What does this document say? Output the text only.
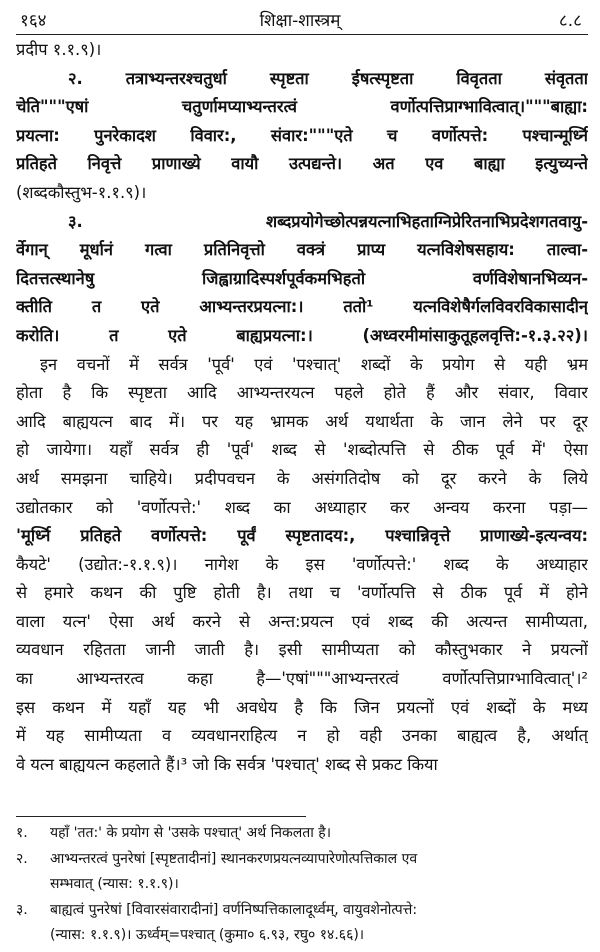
१६४	शिक्षा-शास्त्रम्	८.८
प्रदीप १.१.९)।
२. तत्राभ्यन्तरश्चतुर्धा स्पृष्टता ईषत्स्पृष्टता विवृतता संवृतता
चेति"""एषां चतुर्णामप्याभ्यन्तरत्वं वर्णोत्पत्तिप्राग्भावित्वात्।"""बाह्या:
प्रयत्ना: पुनरेकादश विवार:, संवार:"""एते च वर्णोत्पत्ते: पश्चान्मूर्ध्नि
प्रतिहते निवृत्ते प्राणाख्ये वायौ उत्पद्यन्ते। अत एव बाह्या इत्युच्यन्ते
(शब्दकौस्तुभ-१.१.९)।
३. शब्दप्रयोगेच्छोत्पन्नयत्नाभिहताग्निप्रेरितनाभिप्रदेशगतवायु-
र्वेगान् मूर्धानं गत्वा प्रतिनिवृत्तो वक्त्रं प्राप्य यत्नविशेषसहाय: ताल्वा-
दितत्तत्स्थानेषु जिह्वाग्रादिस्पर्शपूर्वकमभिहतो वर्णविशेषानभिव्यन-
क्तीति त एते आभ्यन्तरप्रयत्ना:। ततो¹ यत्नविशेषैर्गलविवरविकासादीन्
करोति। त एते बाह्यप्रयत्ना:। (अध्वरमीमांसाकुतूहलवृत्ति:-१.३.२२)।
इन वचनों में सर्वत्र 'पूर्व' एवं 'पश्चात्' शब्दों के प्रयोग से यही भ्रम
होता है कि स्पृष्टता आदि आभ्यन्तरयत्न पहले होते हैं और संवार, विवार
आदि बाह्ययत्न बाद में। पर यह भ्रामक अर्थ यथार्थता के जान लेने पर दूर
हो जायेगा। यहाँ सर्वत्र ही 'पूर्व' शब्द से 'शब्दोत्पत्ति से ठीक पूर्व में' ऐसा
अर्थ समझना चाहिये। प्रदीपवचन के असंगतिदोष को दूर करने के लिये
उद्योतकार को 'वर्णोत्पत्ते:' शब्द का अध्याहार कर अन्वय करना पड़ा—
'मूर्ध्नि प्रतिहते वर्णोत्पत्ते: पूर्वं स्पृष्टतादय:, पश्चान्निवृत्ते प्राणाख्ये-इत्यन्वय:
कैयटे' (उद्योत:-१.१.९)। नागेश के इस 'वर्णोत्पत्ते:' शब्द के अध्याहार
से हमारे कथन की पुष्टि होती है। तथा च 'वर्णोत्पत्ति से ठीक पूर्व में होने
वाला यत्न' ऐसा अर्थ करने से अन्त:प्रयत्न एवं शब्द की अत्यन्त सामीप्यता,
व्यवधान रहितता जानी जाती है। इसी सामीप्यता को कौस्तुभकार ने प्रयत्नों
का आभ्यन्तरत्व कहा है—'एषां"""आभ्यन्तरत्वं वर्णोत्पत्तिप्राग्भावित्वात्'।²
इस कथन में यहाँ यह भी अवधेय है कि जिन प्रयत्नों एवं शब्दों के मध्य
में यह सामीप्यता व व्यवधानराहित्य न हो वही उनका बाह्यत्व है, अर्थात्
वे यत्न बाह्ययत्न कहलाते हैं।³ जो कि सर्वत्र 'पश्चात्' शब्द से प्रकट किया
१. यहाँ 'तत:' के प्रयोग से 'उसके पश्चात्' अर्थ निकलता है।
२. आभ्यन्तरत्वं पुनरेषां [स्पृष्टतादीनां] स्थानकरणप्रयत्नव्यापारेणोत्पत्तिकाल एव
सम्भवात् (न्यास: १.१.९)।
३. बाह्यत्वं पुनरेषां [विवारसंवारादीनां] वर्णनिष्पत्तिकालादूर्ध्वम्, वायुवशेनोत्पत्ते:
(न्यास: १.१.९)। ऊर्ध्वम्=पश्चात् (कुमा० ६.९३, रघु० १४.६६)।
